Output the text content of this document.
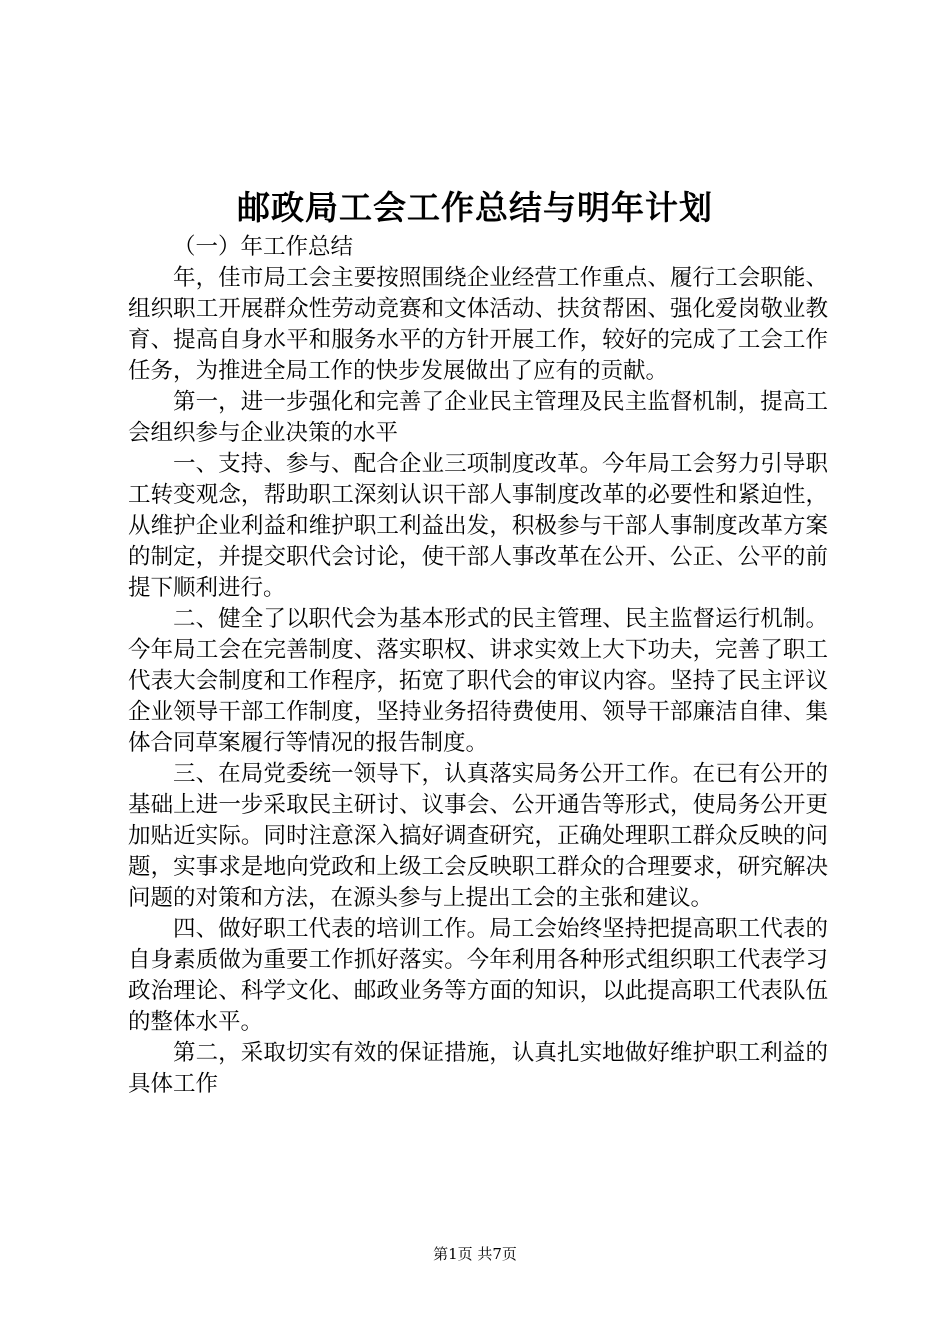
邮政局工会工作总结与明年计划

（一）年工作总结

年，佳市局工会主要按照围绕企业经营工作重点、履行工会职能、组织职工开展群众性劳动竞赛和文体活动、扶贫帮困、强化爱岗敬业教育、提高自身水平和服务水平的方针开展工作，较好的完成了工会工作任务，为推进全局工作的快步发展做出了应有的贡献。

第一，进一步强化和完善了企业民主管理及民主监督机制，提高工会组织参与企业决策的水平

一、支持、参与、配合企业三项制度改革。今年局工会努力引导职工转变观念，帮助职工深刻认识干部人事制度改革的必要性和紧迫性，从维护企业利益和维护职工利益出发，积极参与干部人事制度改革方案的制定，并提交职代会讨论，使干部人事改革在公开、公正、公平的前提下顺利进行。

二、健全了以职代会为基本形式的民主管理、民主监督运行机制。今年局工会在完善制度、落实职权、讲求实效上大下功夫，完善了职工代表大会制度和工作程序，拓宽了职代会的审议内容。坚持了民主评议企业领导干部工作制度，坚持业务招待费使用、领导干部廉洁自律、集体合同草案履行等情况的报告制度。

三、在局党委统一领导下，认真落实局务公开工作。在已有公开的基础上进一步采取民主研讨、议事会、公开通告等形式，使局务公开更加贴近实际。同时注意深入搞好调查研究，正确处理职工群众反映的问题，实事求是地向党政和上级工会反映职工群众的合理要求，研究解决问题的对策和方法，在源头参与上提出工会的主张和建议。

四、做好职工代表的培训工作。局工会始终坚持把提高职工代表的自身素质做为重要工作抓好落实。今年利用各种形式组织职工代表学习政治理论、科学文化、邮政业务等方面的知识，以此提高职工代表队伍的整体水平。

第二，采取切实有效的保证措施，认真扎实地做好维护职工利益的具体工作

第1页 共7页
